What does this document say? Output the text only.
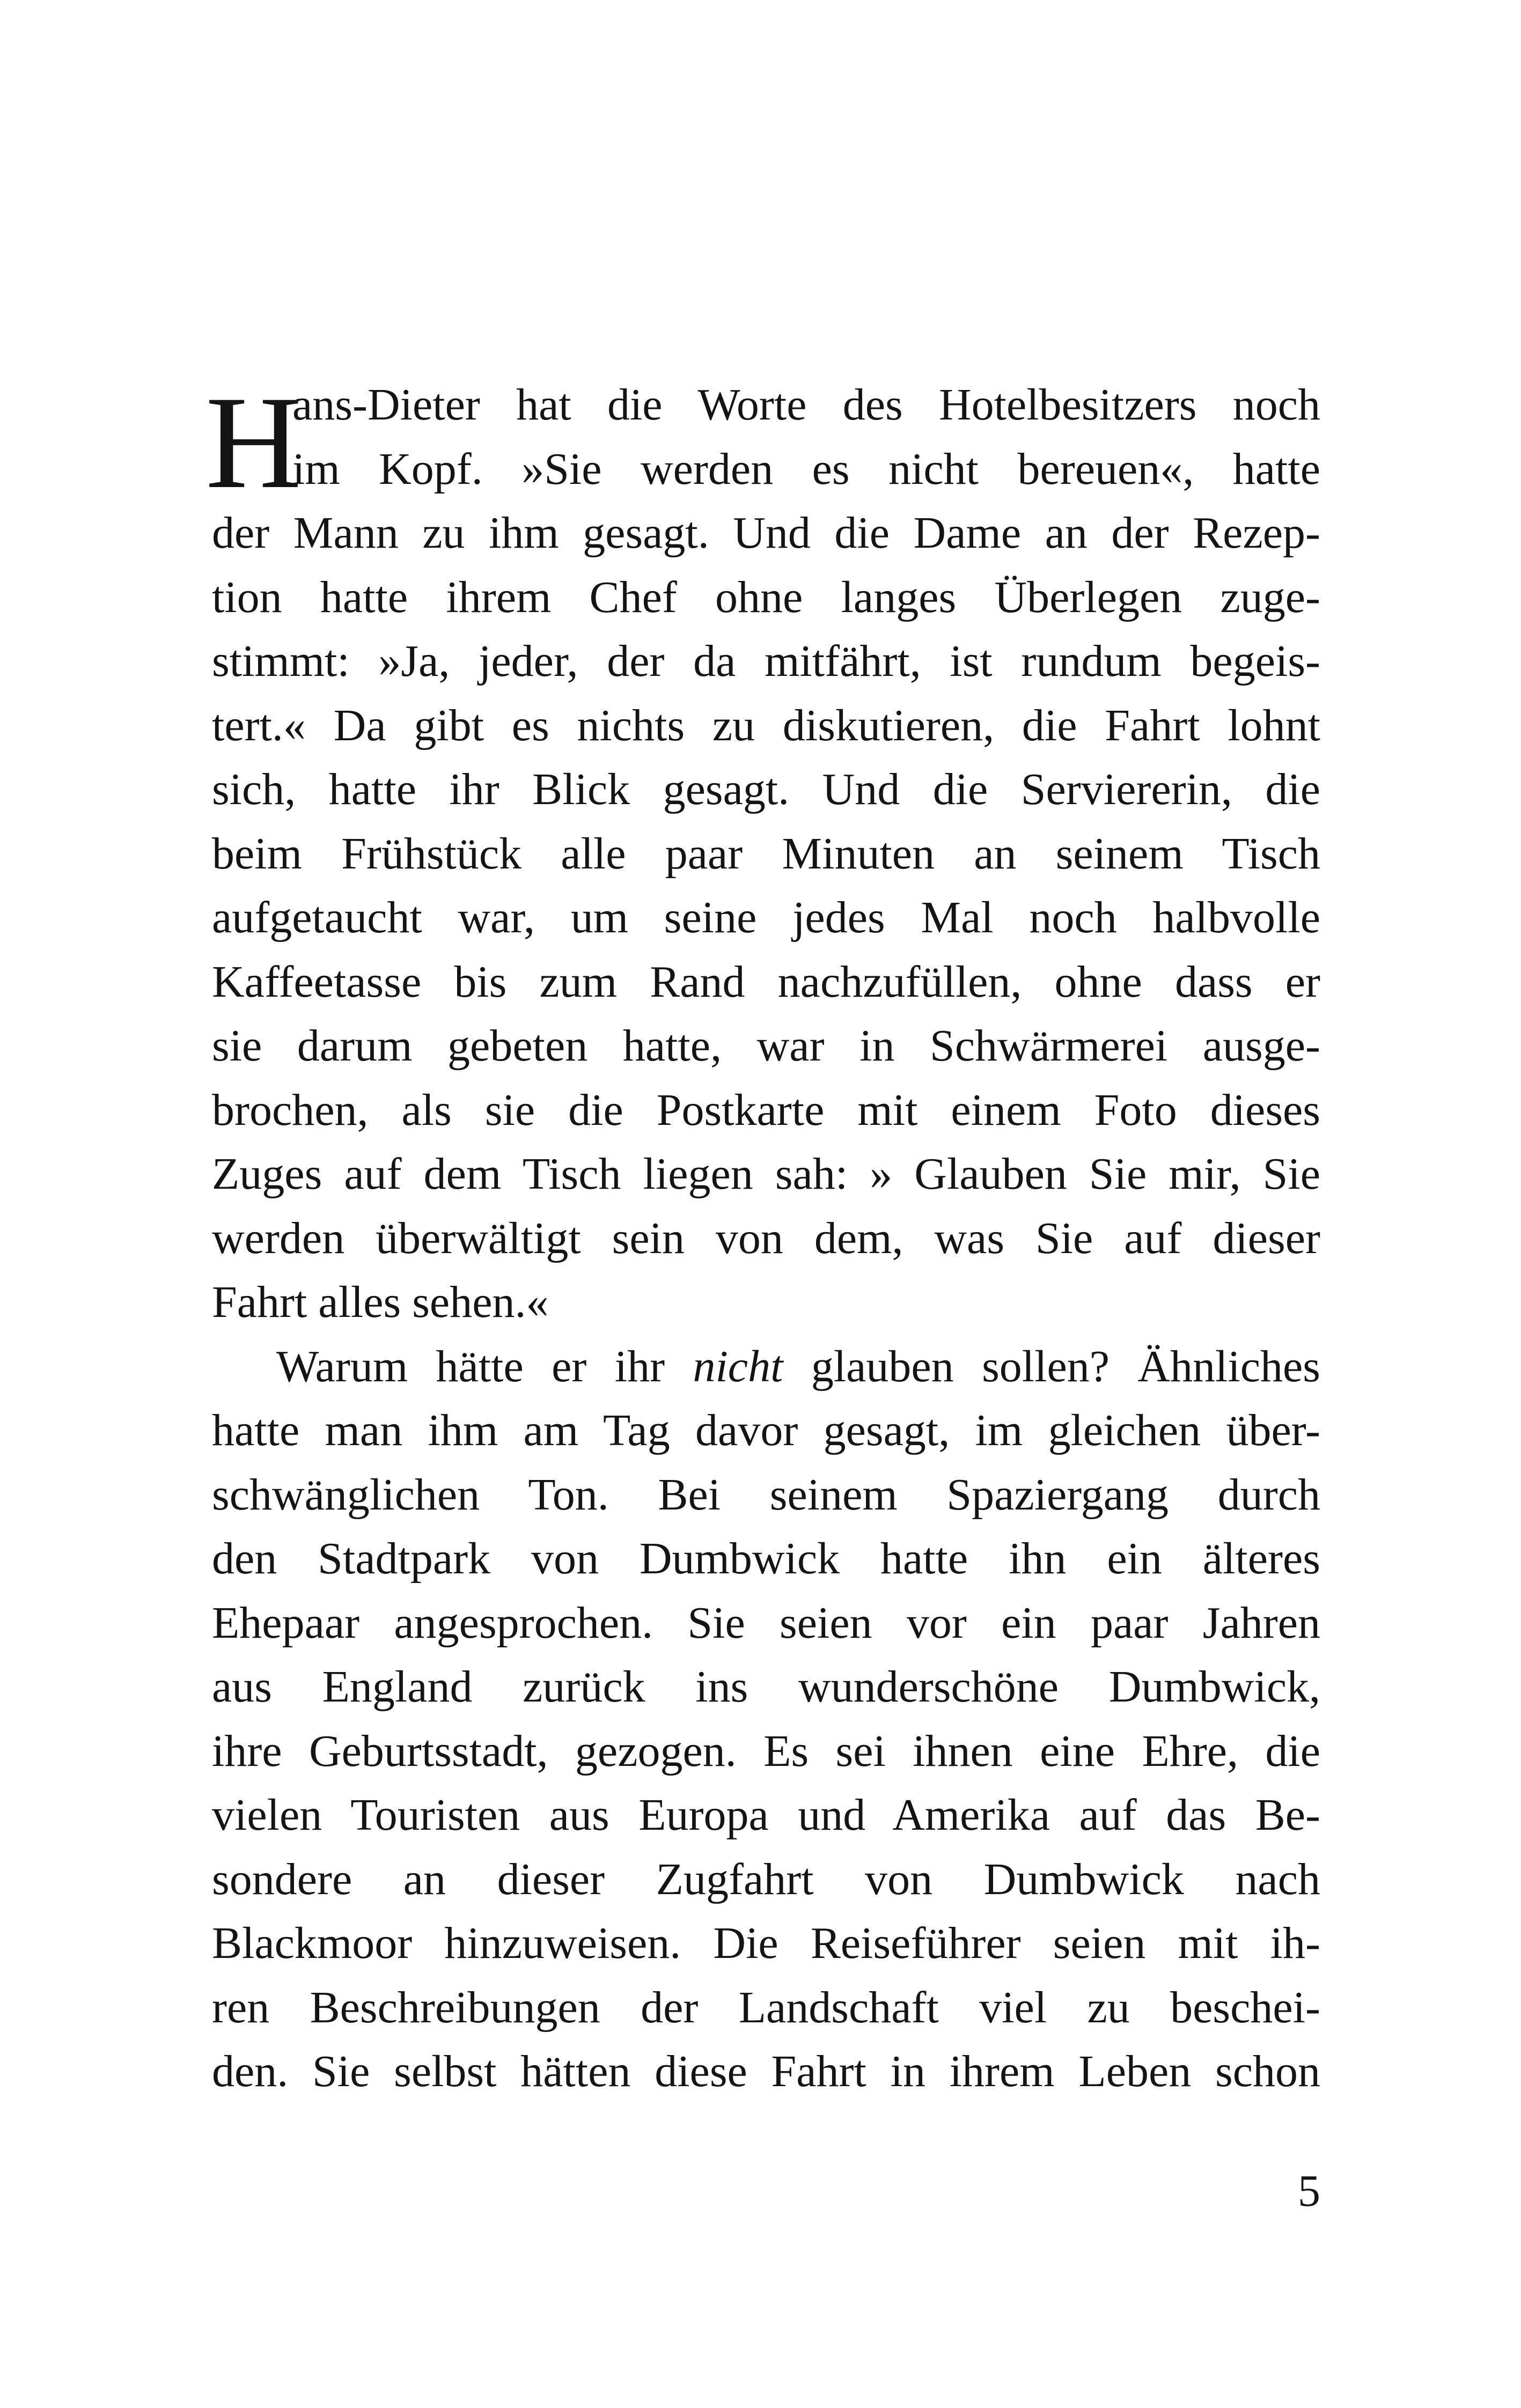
H
ans-Dieter hat die Worte des Hotelbesitzers noch
im Kopf. »Sie werden es nicht bereuen«, hatte
der Mann zu ihm gesagt. Und die Dame an der Rezep-
tion hatte ihrem Chef ohne langes Überlegen zuge-
stimmt: »Ja, jeder, der da mitfährt, ist rundum begeis-
tert.« Da gibt es nichts zu diskutieren, die Fahrt lohnt
sich, hatte ihr Blick gesagt. Und die Serviererin, die
beim Frühstück alle paar Minuten an seinem Tisch
aufgetaucht war, um seine jedes Mal noch halbvolle
Kaffeetasse bis zum Rand nachzufüllen, ohne dass er
sie darum gebeten hatte, war in Schwärmerei ausge-
brochen, als sie die Postkarte mit einem Foto dieses
Zuges auf dem Tisch liegen sah: » Glauben Sie mir, Sie
werden überwältigt sein von dem, was Sie auf dieser
Fahrt alles sehen.«
Warum hätte er ihr nicht glauben sollen? Ähnliches
hatte man ihm am Tag davor gesagt, im gleichen über-
schwänglichen Ton. Bei seinem Spaziergang durch
den Stadtpark von Dumbwick hatte ihn ein älteres
Ehepaar angesprochen. Sie seien vor ein paar Jahren
aus England zurück ins wunderschöne Dumbwick,
ihre Geburtsstadt, gezogen. Es sei ihnen eine Ehre, die
vielen Touristen aus Europa und Amerika auf das Be-
sondere an dieser Zugfahrt von Dumbwick nach
Blackmoor hinzuweisen. Die Reiseführer seien mit ih-
ren Beschreibungen der Landschaft viel zu beschei-
den. Sie selbst hätten diese Fahrt in ihrem Leben schon
5
